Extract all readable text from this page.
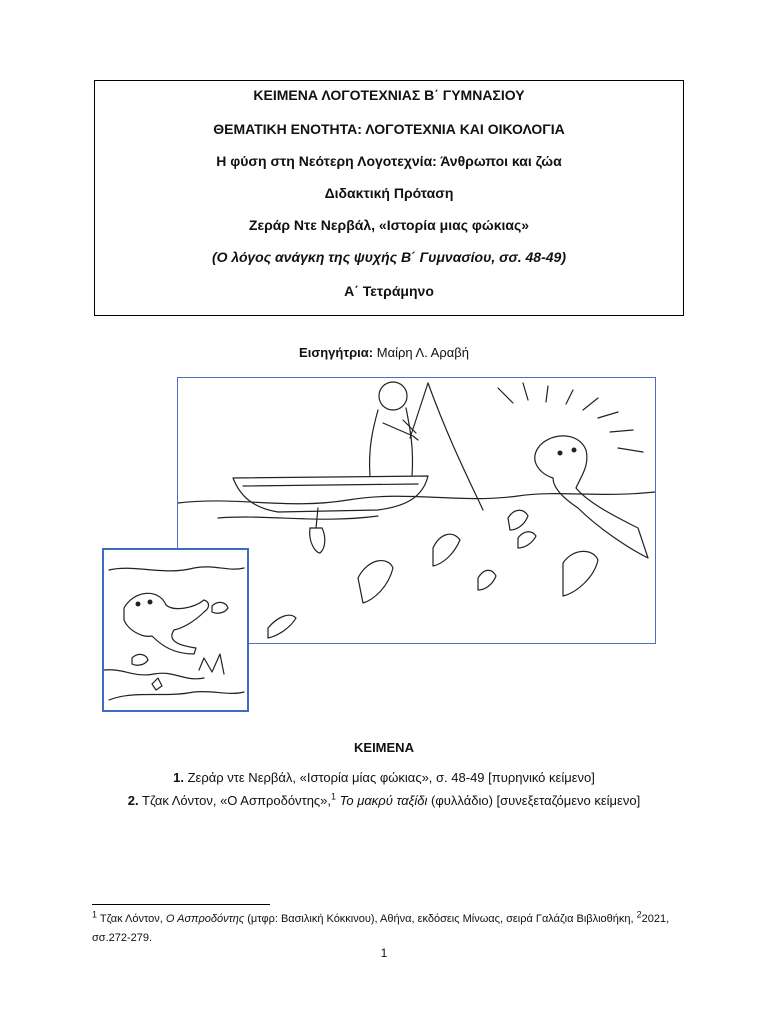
ΚΕΙΜΕΝΑ ΛΟΓΟΤΕΧΝΙΑΣ Β΄ ΓΥΜΝΑΣΙΟΥ
ΘΕΜΑΤΙΚΗ ΕΝΟΤΗΤΑ: ΛΟΓΟΤΕΧΝΙΑ ΚΑΙ ΟΙΚΟΛΟΓΙΑ
Η φύση στη Νεότερη Λογοτεχνία: Άνθρωποι και ζώα
Διδακτική Πρόταση
Ζεράρ Ντε Νερβάλ, «Ιστορία μιας φώκιας»
(Ο λόγος ανάγκη της ψυχής Β΄ Γυμνασίου, σσ. 48-49)
Α΄ Τετράμηνο
Εισηγήτρια: Μαίρη Λ. Αραβή
ΚΕΙΜΕΝΑ
1. Ζεράρ ντε Νερβάλ, «Ιστορία μίας φώκιας», σ. 48-49 [πυρηνικό κείμενο]
2. Τζακ Λόντον, «Ο Ασπροδόντης»,$^1$ Το μακρύ ταξίδι (φυλλάδιο) [συνεξεταζόμενο κείμενο]
$^1$ Τζακ Λόντον, Ο Ασπροδόντης (μτφρ: Βασιλική Κόκκινου), Αθήνα, εκδόσεις Μίνωας, σειρά Γαλάζια Βιβλιοθήκη, $^2$2021,
σσ.272-279.
1
